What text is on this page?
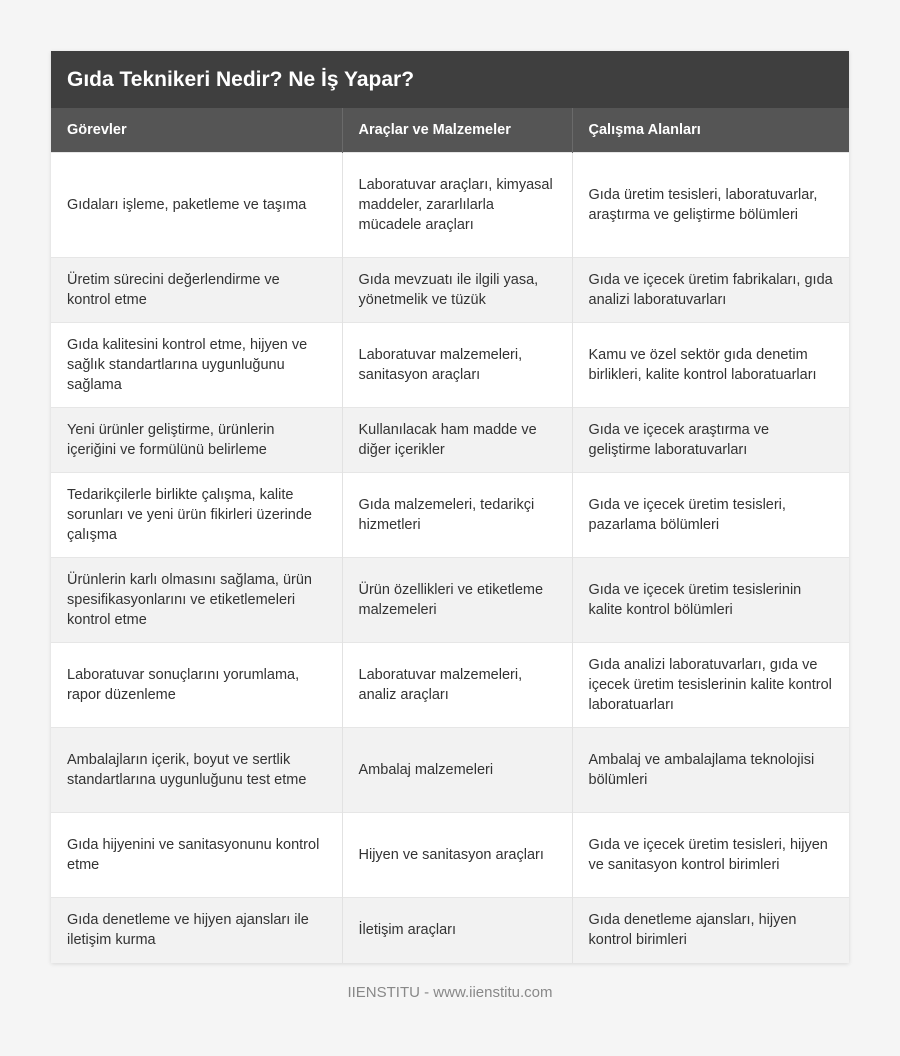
Gıda Teknikeri Nedir? Ne İş Yapar?
Görevler	Araçlar ve Malzemeler	Çalışma Alanları
Gıdaları işleme, paketleme ve taşıma	Laboratuvar araçları, kimyasal maddeler, zararlılarla mücadele araçları	Gıda üretim tesisleri, laboratuvarlar, araştırma ve geliştirme bölümleri
Üretim sürecini değerlendirme ve kontrol etme	Gıda mevzuatı ile ilgili yasa, yönetmelik ve tüzük	Gıda ve içecek üretim fabrikaları, gıda analizi laboratuvarları
Gıda kalitesini kontrol etme, hijyen ve sağlık standartlarına uygunluğunu sağlama	Laboratuvar malzemeleri, sanitasyon araçları	Kamu ve özel sektör gıda denetim birlikleri, kalite kontrol laboratuarları
Yeni ürünler geliştirme, ürünlerin içeriğini ve formülünü belirleme	Kullanılacak ham madde ve diğer içerikler	Gıda ve içecek araştırma ve geliştirme laboratuvarları
Tedarikçilerle birlikte çalışma, kalite sorunları ve yeni ürün fikirleri üzerinde çalışma	Gıda malzemeleri, tedarikçi hizmetleri	Gıda ve içecek üretim tesisleri, pazarlama bölümleri
Ürünlerin karlı olmasını sağlama, ürün spesifikasyonlarını ve etiketlemeleri kontrol etme	Ürün özellikleri ve etiketleme malzemeleri	Gıda ve içecek üretim tesislerinin kalite kontrol bölümleri
Laboratuvar sonuçlarını yorumlama, rapor düzenleme	Laboratuvar malzemeleri, analiz araçları	Gıda analizi laboratuvarları, gıda ve içecek üretim tesislerinin kalite kontrol laboratuarları
Ambalajların içerik, boyut ve sertlik standartlarına uygunluğunu test etme	Ambalaj malzemeleri	Ambalaj ve ambalajlama teknolojisi bölümleri
Gıda hijyenini ve sanitasyonunu kontrol etme	Hijyen ve sanitasyon araçları	Gıda ve içecek üretim tesisleri, hijyen ve sanitasyon kontrol birimleri
Gıda denetleme ve hijyen ajansları ile iletişim kurma	İletişim araçları	Gıda denetleme ajansları, hijyen kontrol birimleri
IIENSTITU - www.iienstitu.com
